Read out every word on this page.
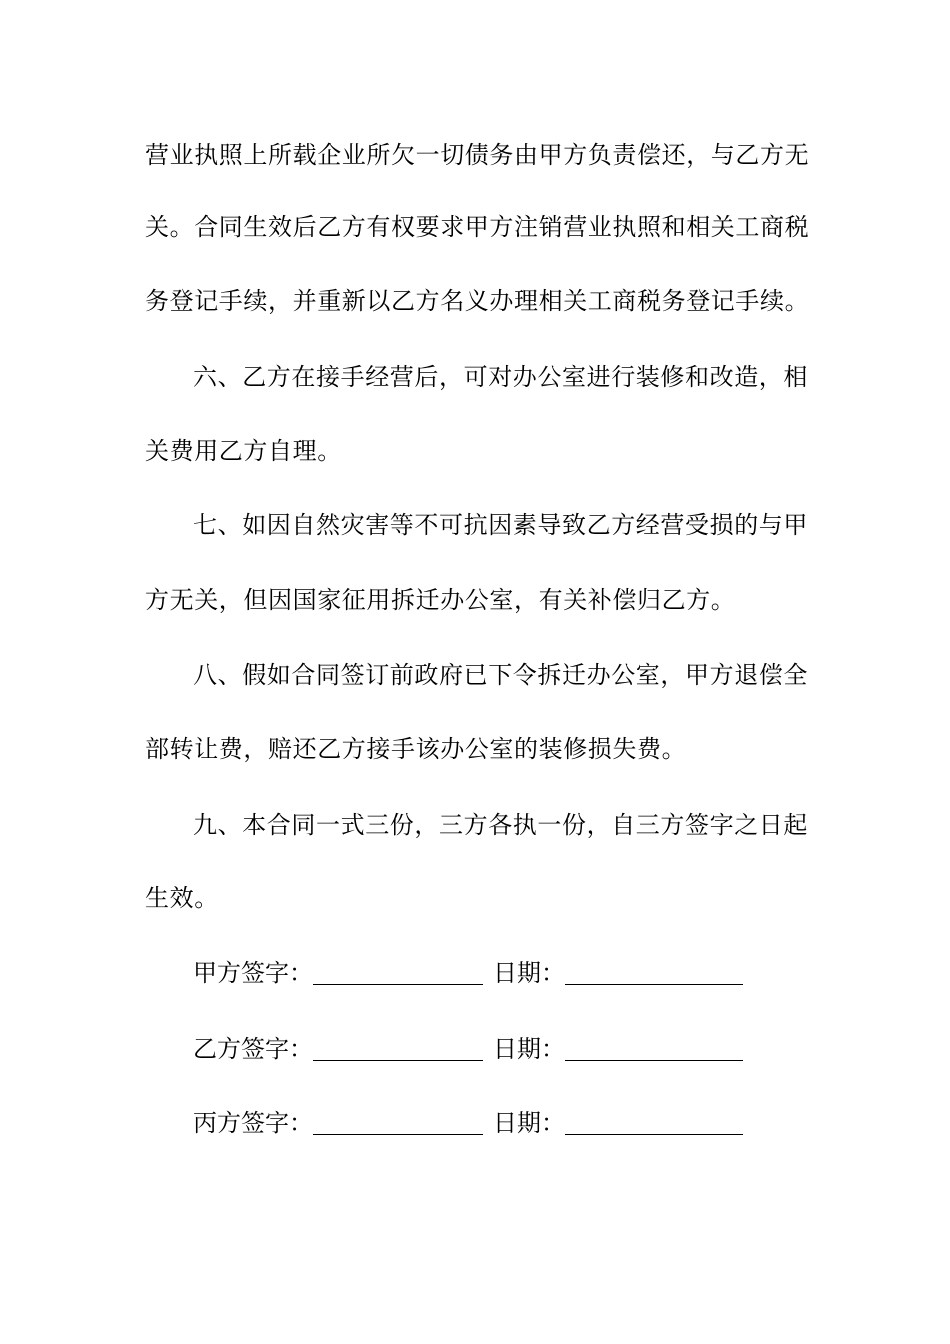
营业执照上所载企业所欠一切债务由甲方负责偿还，与乙方无
关。合同生效后乙方有权要求甲方注销营业执照和相关工商税
务登记手续，并重新以乙方名义办理相关工商税务登记手续。
六、乙方在接手经营后，可对办公室进行装修和改造，相
关费用乙方自理。
七、如因自然灾害等不可抗因素导致乙方经营受损的与甲
方无关，但因国家征用拆迁办公室，有关补偿归乙方。
八、假如合同签订前政府已下令拆迁办公室，甲方退偿全
部转让费，赔还乙方接手该办公室的装修损失费。
九、本合同一式三份，三方各执一份，自三方签字之日起
生效。
甲方签字：	日期：
乙方签字：	日期：
丙方签字：	日期：
